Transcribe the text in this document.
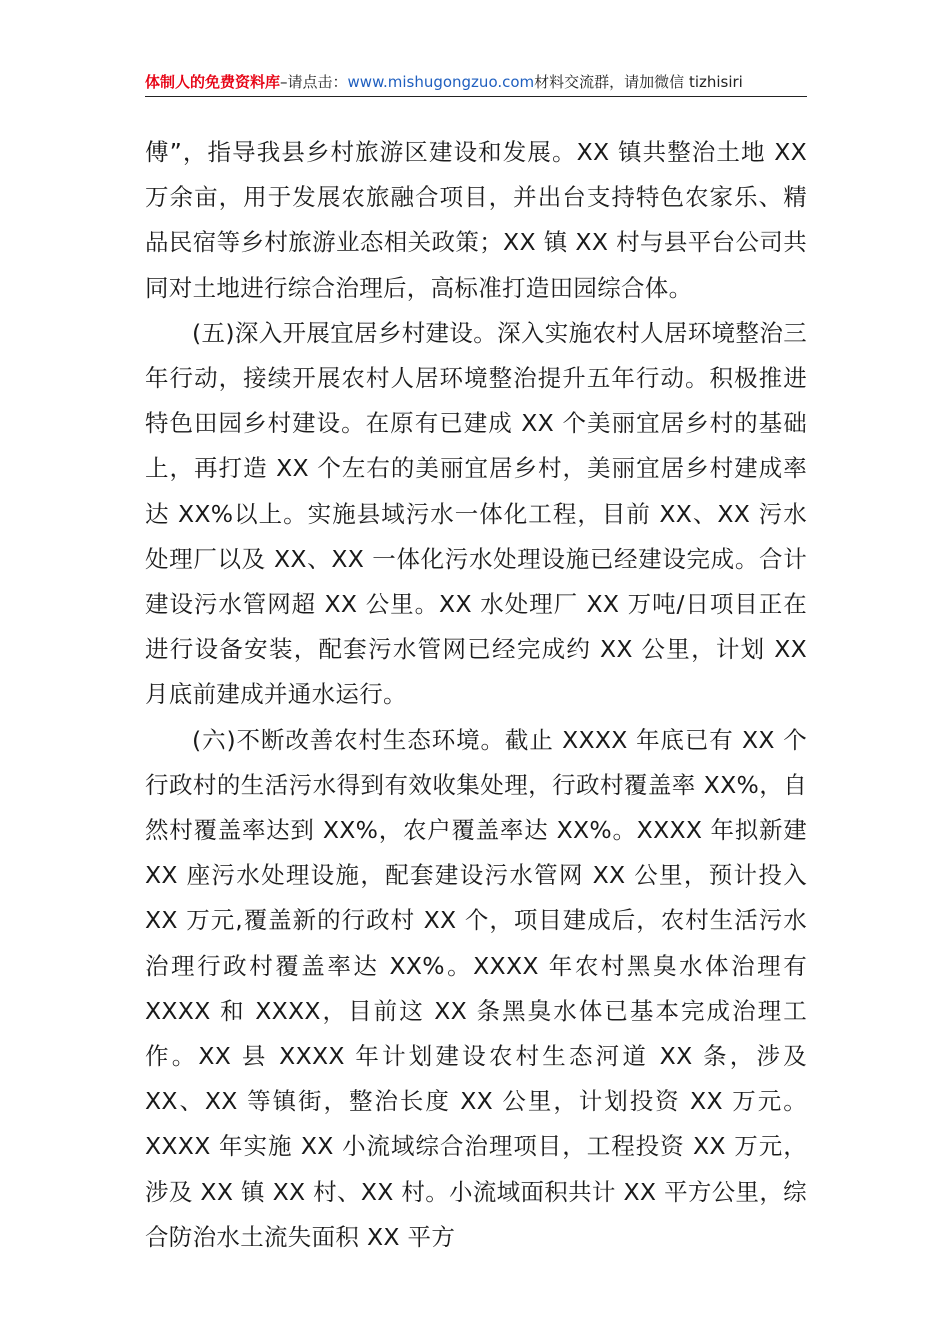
体制人的免费资料库–请点击：www.mishugongzuo.com材料交流群，请加微信 tizhisiri

傅”，指导我县乡村旅游区建设和发展。XX 镇共整治土地 XX 万余亩，用于发展农旅融合项目，并出台支持特色农家乐、精品民宿等乡村旅游业态相关政策；XX 镇 XX 村与县平台公司共同对土地进行综合治理后，高标准打造田园综合体。

(五)深入开展宜居乡村建设。深入实施农村人居环境整治三年行动，接续开展农村人居环境整治提升五年行动。积极推进特色田园乡村建设。在原有已建成 XX 个美丽宜居乡村的基础上，再打造 XX 个左右的美丽宜居乡村，美丽宜居乡村建成率达 XX%以上。实施县域污水一体化工程，目前 XX、XX 污水处理厂以及 XX、XX 一体化污水处理设施已经建设完成。合计建设污水管网超 XX 公里。XX 水处理厂 XX 万吨/日项目正在进行设备安装，配套污水管网已经完成约 XX 公里，计划 XX 月底前建成并通水运行。

(六)不断改善农村生态环境。截止 XXXX 年底已有 XX 个行政村的生活污水得到有效收集处理，行政村覆盖率 XX%，自然村覆盖率达到 XX%，农户覆盖率达 XX%。XXXX 年拟新建 XX 座污水处理设施，配套建设污水管网 XX 公里，预计投入 XX 万元,覆盖新的行政村 XX 个，项目建成后，农村生活污水治理行政村覆盖率达 XX%。XXXX 年农村黑臭水体治理有 XXXX 和 XXXX，目前这 XX 条黑臭水体已基本完成治理工作。XX 县 XXXX 年计划建设农村生态河道 XX 条，涉及 XX、XX 等镇街，整治长度 XX 公里，计划投资 XX 万元。XXXX 年实施 XX 小流域综合治理项目，工程投资 XX 万元，涉及 XX 镇 XX 村、XX 村。小流域面积共计 XX 平方公里，综合防治水土流失面积 XX 平方
